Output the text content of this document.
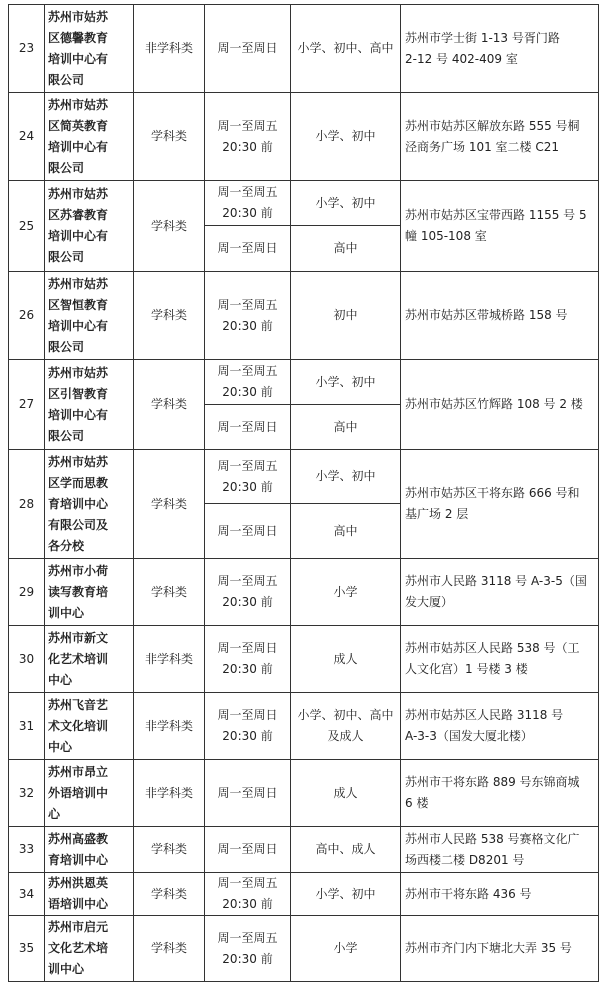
23	苏州市姑苏
区德馨教育
培训中心有
限公司	非学科类	周一至周日	小学、初中、高中	苏州市学士街 1-13 号胥门路
2-12 号 402-409 室

24	苏州市姑苏
区简英教育
培训中心有
限公司	学科类	周一至周五
20:30 前	小学、初中	苏州市姑苏区解放东路 555 号桐
泾商务广场 101 室二楼 C21

25	苏州市姑苏
区苏睿教育
培训中心有
限公司	学科类	周一至周五
20:30 前	小学、初中	苏州市姑苏区宝带西路 1155 号 5
幢 105-108 室

			周一至周日	高中	

26	苏州市姑苏
区智恒教育
培训中心有
限公司	学科类	周一至周五
20:30 前	初中	苏州市姑苏区带城桥路 158 号

27	苏州市姑苏
区引智教育
培训中心有
限公司	学科类	周一至周五
20:30 前	小学、初中	苏州市姑苏区竹辉路 108 号 2 楼

			周一至周日	高中	

28	苏州市姑苏
区学而思教
育培训中心
有限公司及
各分校	学科类	周一至周五
20:30 前	小学、初中	苏州市姑苏区干将东路 666 号和
基广场 2 层

			周一至周日	高中	

29	苏州市小荷
读写教育培
训中心	学科类	周一至周五
20:30 前	小学	苏州市人民路 3118 号 A-3-5（国
发大厦）

30	苏州市新文
化艺术培训
中心	非学科类	周一至周日
20:30 前	成人	苏州市姑苏区人民路 538 号（工
人文化宫）1 号楼 3 楼

31	苏州飞音艺
术文化培训
中心	非学科类	周一至周日
20:30 前	小学、初中、高中
及成人	苏州市姑苏区人民路 3118 号
A-3-3（国发大厦北楼）

32	苏州市昂立
外语培训中
心	非学科类	周一至周日	成人	苏州市干将东路 889 号东锦商城
6 楼

33	苏州高盛教
育培训中心	学科类	周一至周日	高中、成人	苏州市人民路 538 号赛格文化广
场西楼二楼 D8201 号

34	苏州洪恩英
语培训中心	学科类	周一至周五
20:30 前	小学、初中	苏州市干将东路 436 号

35	苏州市启元
文化艺术培
训中心	学科类	周一至周五
20:30 前	小学	苏州市齐门内下塘北大弄 35 号
